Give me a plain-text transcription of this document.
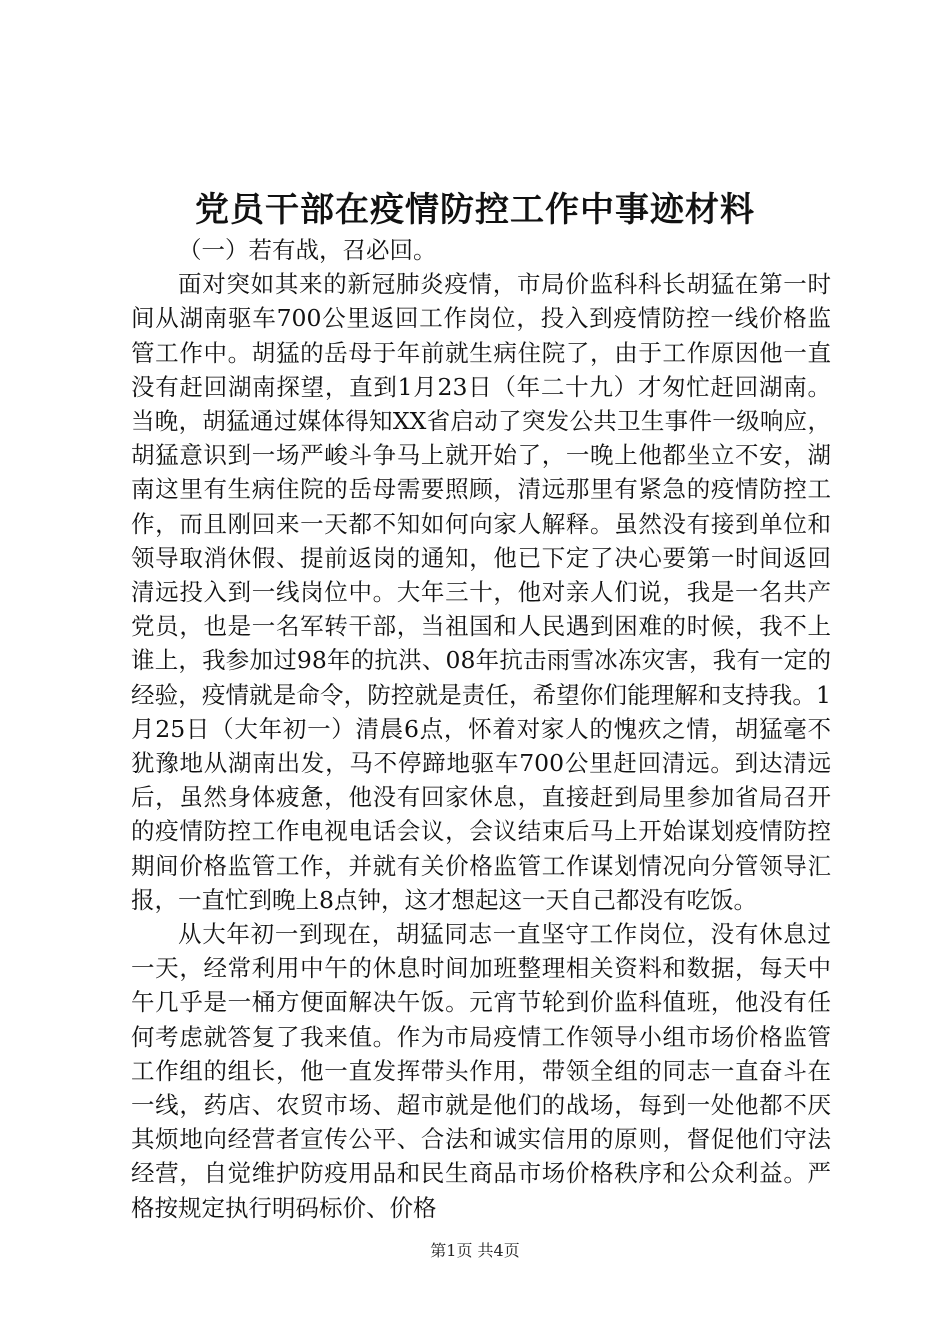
党员干部在疫情防控工作中事迹材料

（一）若有战，召必回。

面对突如其来的新冠肺炎疫情，市局价监科科长胡猛在第一时间从湖南驱车700公里返回工作岗位，投入到疫情防控一线价格监管工作中。胡猛的岳母于年前就生病住院了，由于工作原因他一直没有赶回湖南探望，直到1月23日（年二十九）才匆忙赶回湖南。当晚，胡猛通过媒体得知XX省启动了突发公共卫生事件一级响应，胡猛意识到一场严峻斗争马上就开始了，一晚上他都坐立不安，湖南这里有生病住院的岳母需要照顾，清远那里有紧急的疫情防控工作，而且刚回来一天都不知如何向家人解释。虽然没有接到单位和领导取消休假、提前返岗的通知，他已下定了决心要第一时间返回清远投入到一线岗位中。大年三十，他对亲人们说，我是一名共产党员，也是一名军转干部，当祖国和人民遇到困难的时候，我不上谁上，我参加过98年的抗洪、08年抗击雨雪冰冻灾害，我有一定的经验，疫情就是命令，防控就是责任，希望你们能理解和支持我。1月25日（大年初一）清晨6点，怀着对家人的愧疚之情，胡猛毫不犹豫地从湖南出发，马不停蹄地驱车700公里赶回清远。到达清远后，虽然身体疲惫，他没有回家休息，直接赶到局里参加省局召开的疫情防控工作电视电话会议，会议结束后马上开始谋划疫情防控期间价格监管工作，并就有关价格监管工作谋划情况向分管领导汇报，一直忙到晚上8点钟，这才想起这一天自己都没有吃饭。

从大年初一到现在，胡猛同志一直坚守工作岗位，没有休息过一天，经常利用中午的休息时间加班整理相关资料和数据，每天中午几乎是一桶方便面解决午饭。元宵节轮到价监科值班，他没有任何考虑就答复了我来值。作为市局疫情工作领导小组市场价格监管工作组的组长，他一直发挥带头作用，带领全组的同志一直奋斗在一线，药店、农贸市场、超市就是他们的战场，每到一处他都不厌其烦地向经营者宣传公平、合法和诚实信用的原则，督促他们守法经营，自觉维护防疫用品和民生商品市场价格秩序和公众利益。严格按规定执行明码标价、价格

第1页 共4页
